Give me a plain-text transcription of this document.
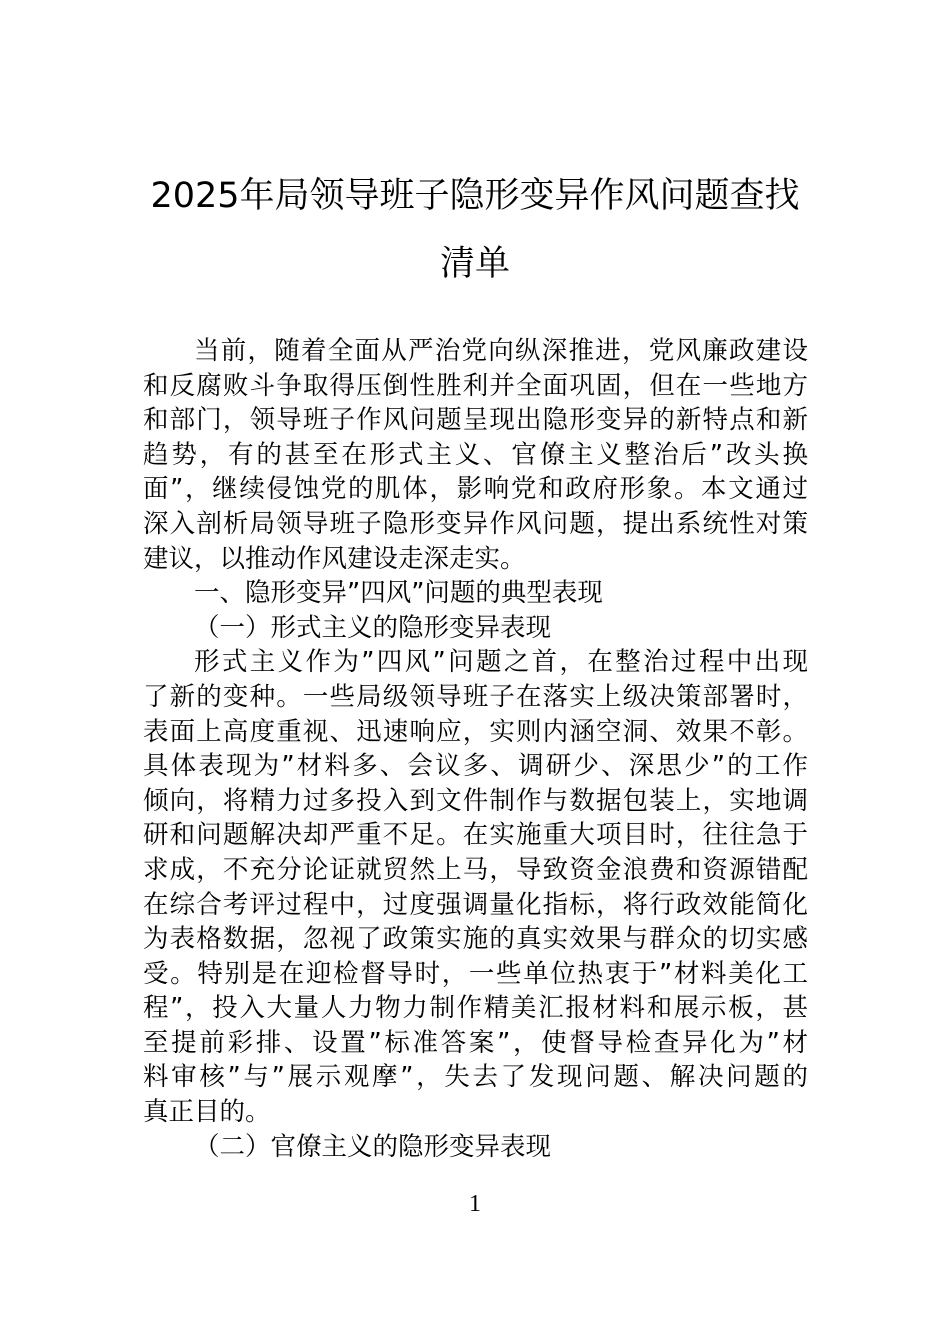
2025年局领导班子隐形变异作风问题查找
清单
当前，随着全面从严治党向纵深推进，党风廉政建设
和反腐败斗争取得压倒性胜利并全面巩固，但在一些地方
和部门，领导班子作风问题呈现出隐形变异的新特点和新
趋势，有的甚至在形式主义、官僚主义整治后”改头换
面”，继续侵蚀党的肌体，影响党和政府形象。本文通过
深入剖析局领导班子隐形变异作风问题，提出系统性对策
建议，以推动作风建设走深走实。
一、隐形变异”四风”问题的典型表现
（一）形式主义的隐形变异表现
形式主义作为”四风”问题之首，在整治过程中出现
了新的变种。一些局级领导班子在落实上级决策部署时，
表面上高度重视、迅速响应，实则内涵空洞、效果不彰。
具体表现为”材料多、会议多、调研少、深思少”的工作
倾向，将精力过多投入到文件制作与数据包装上，实地调
研和问题解决却严重不足。在实施重大项目时，往往急于
求成，不充分论证就贸然上马，导致资金浪费和资源错配
在综合考评过程中，过度强调量化指标，将行政效能简化
为表格数据，忽视了政策实施的真实效果与群众的切实感
受。特别是在迎检督导时，一些单位热衷于”材料美化工
程”，投入大量人力物力制作精美汇报材料和展示板，甚
至提前彩排、设置”标准答案”，使督导检查异化为”材
料审核”与”展示观摩”，失去了发现问题、解决问题的
真正目的。
（二）官僚主义的隐形变异表现
1
